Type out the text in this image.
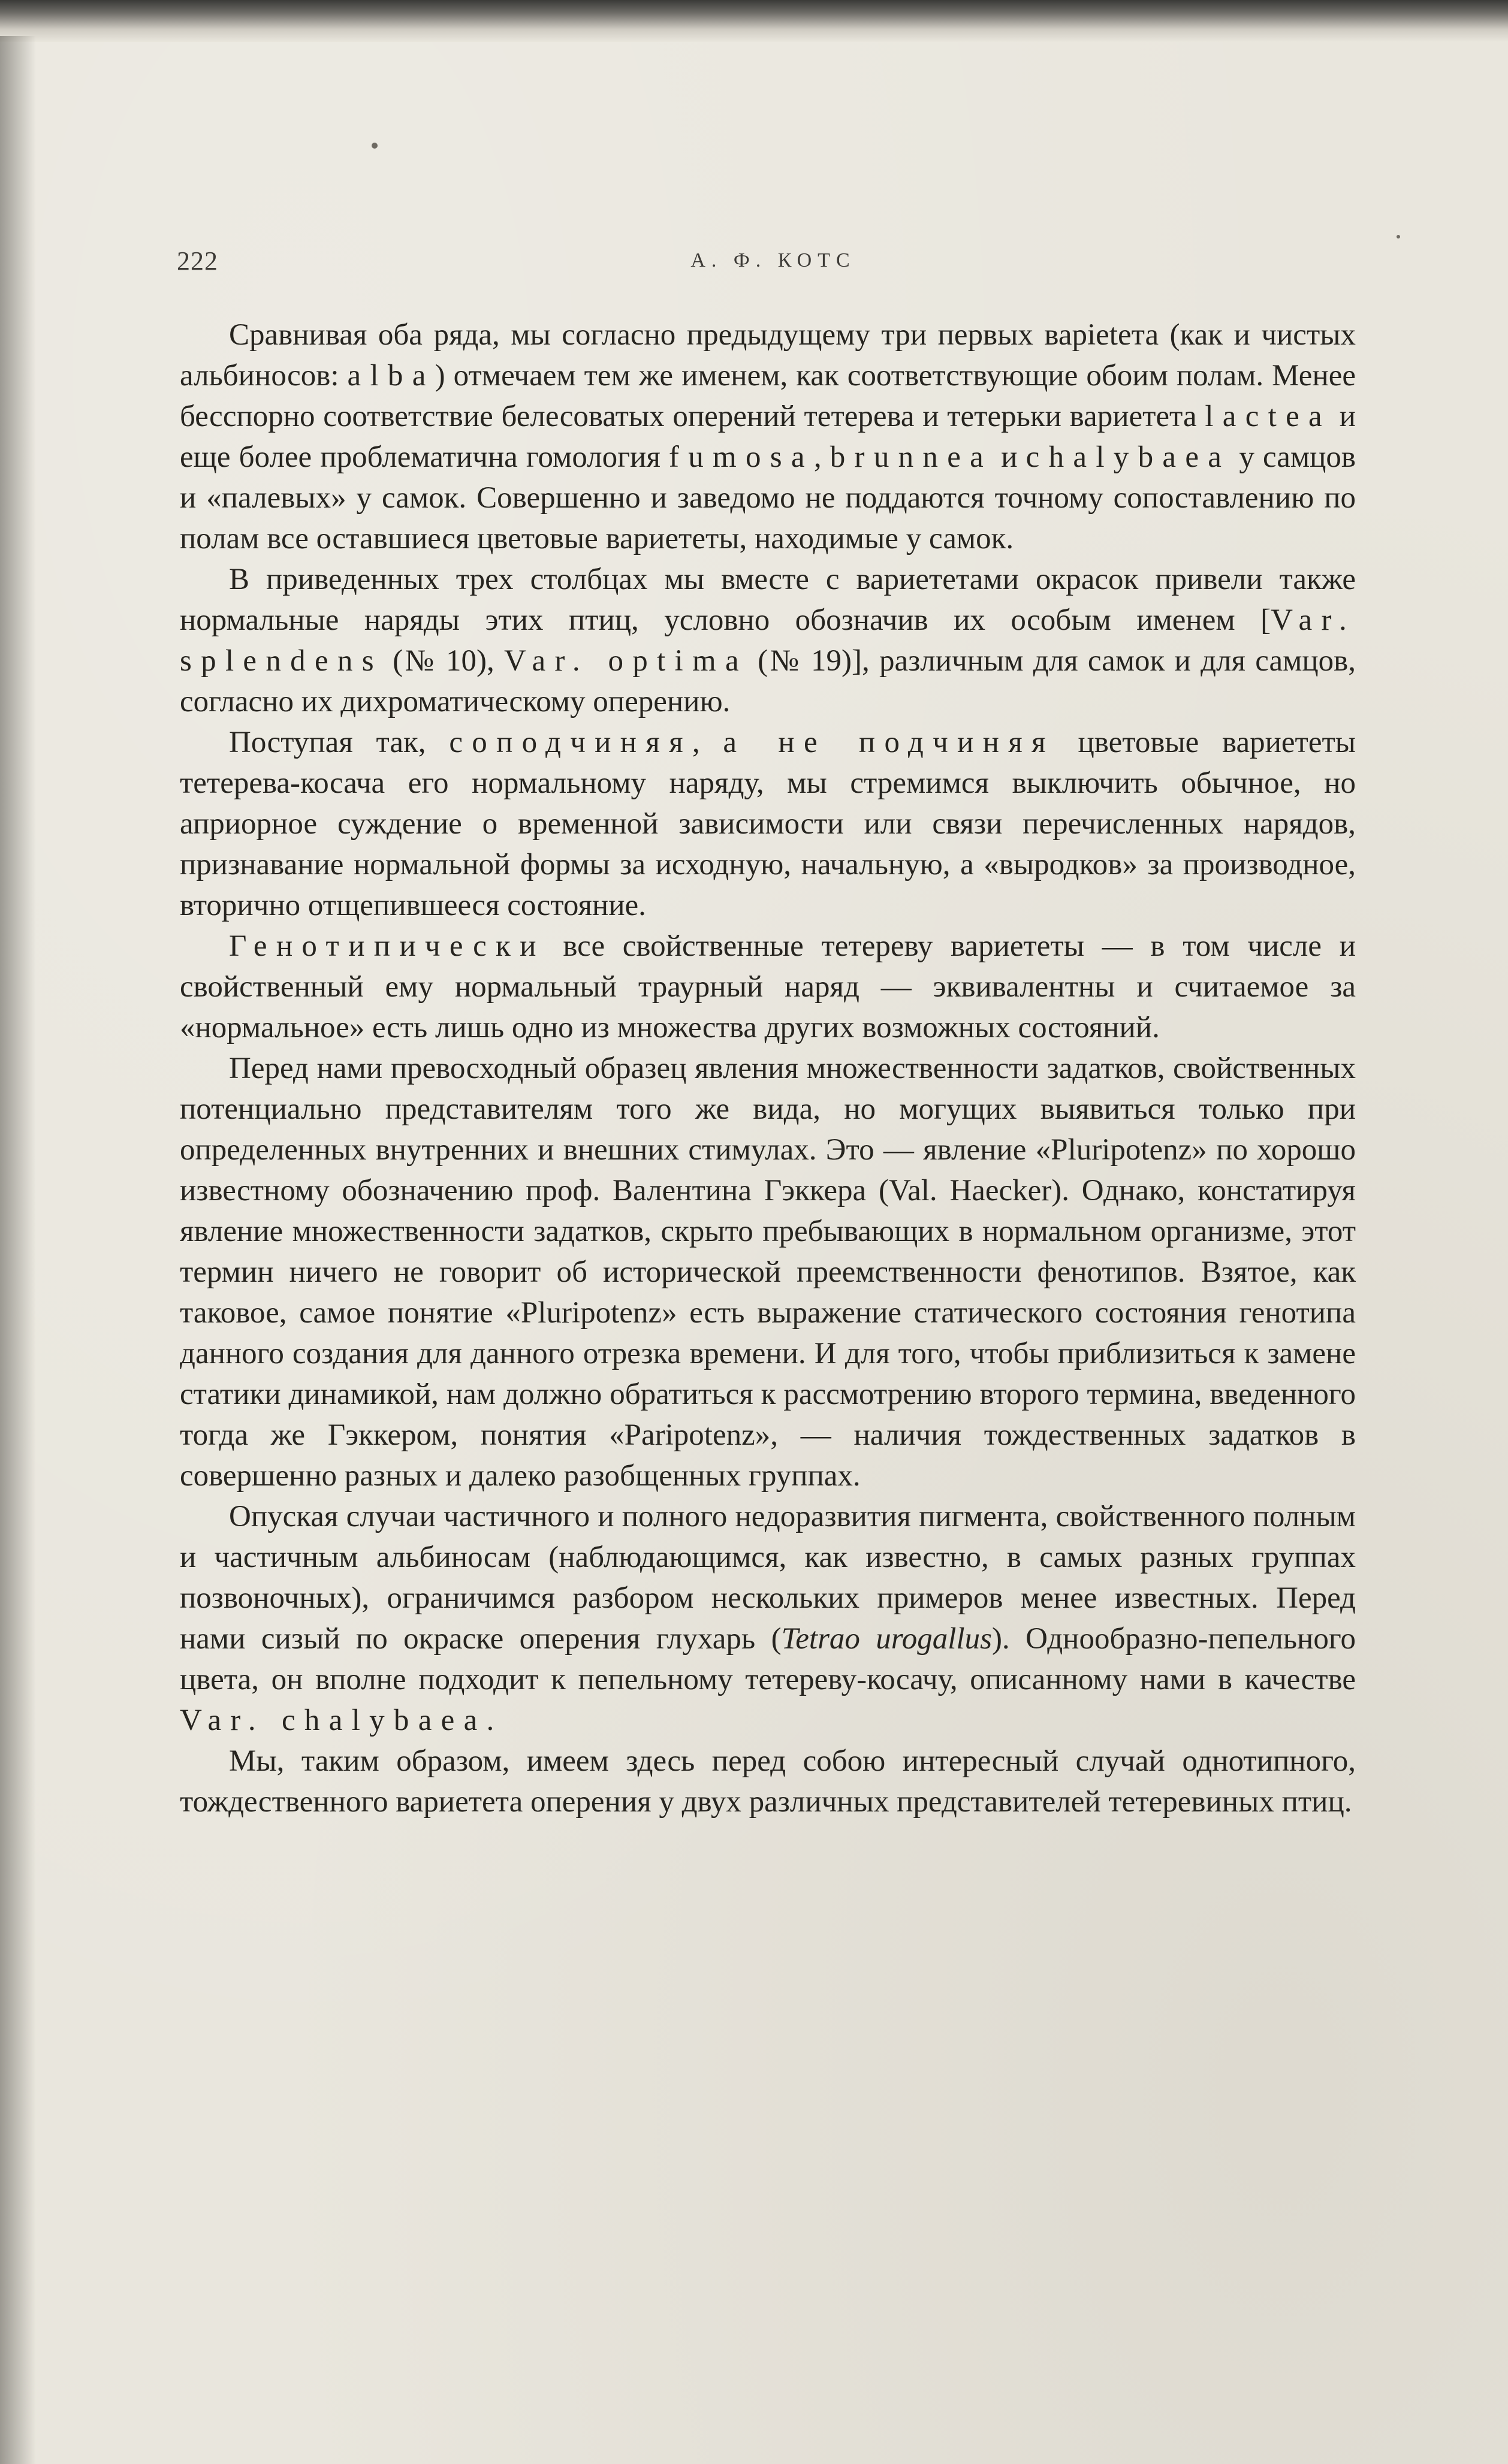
222	А. Ф. КОТС

Сравнивая оба ряда, мы согласно предыдущему три первых варietета (как и чистых альбиносов: alba) отмечаем тем же именем, как соответствующие обоим полам. Менее бесспорно соответствие белесоватых оперений тетерева и тетерьки вариетета lactea и еще более проблематична гомология fumosa, brunnea и chalybaea у самцов и «палевых» у самок. Совершенно и заведомо не поддаются точному сопоставлению по полам все оставшиеся цветовые вариететы, находимые у самок.

В приведенных трех столбцах мы вместе с вариететами окрасок привели также нормальные наряды этих птиц, условно обозначив их особым именем [Var. splendens (№ 10), Var. optima (№ 19)], различным для самок и для самцов, согласно их дихроматическому оперению.

Поступая так, соподчиняя, а не подчиняя цветовые вариететы тетерева-косача его нормальному наряду, мы стремимся выключить обычное, но априорное суждение о временной зависимости или связи перечисленных нарядов, признавание нормальной формы за исходную, начальную, а «выродков» за производное, вторично отщепившееся состояние.

Генотипически все свойственные тетереву вариететы — в том числе и свойственный ему нормальный траурный наряд — эквивалентны и считаемое за «нормальное» есть лишь одно из множества других возможных состояний.

Перед нами превосходный образец явления множественности задатков, свойственных потенциально представителям того же вида, но могущих выявиться только при определенных внутренних и внешних стимулах. Это — явление «Pluripotenz» по хорошо известному обозначению проф. Валентина Гэккера (Val. Haecker). Однако, констатируя явление множественности задатков, скрыто пребывающих в нормальном организме, этот термин ничего не говорит об исторической преемственности фенотипов. Взятое, как таковое, самое понятие «Pluripotenz» есть выражение статического состояния генотипа данного создания для данного отрезка времени. И для того, чтобы приблизиться к замене статики динамикой, нам должно обратиться к рассмотрению второго термина, введенного тогда же Гэккером, понятия «Paripotenz», — наличия тождественных задатков в совершенно разных и далеко разобщенных группах.

Опуская случаи частичного и полного недоразвития пигмента, свойственного полным и частичным альбиносам (наблюдающимся, как известно, в самых разных группах позвоночных), ограничимся разбором нескольких примеров менее известных. Перед нами сизый по окраске оперения глухарь (Tetrao urogallus). Однообразно-пепельного цвета, он вполне подходит к пепельному тетереву-косачу, описанному нами в качестве Var. chalybaea.

Мы, таким образом, имеем здесь перед собою интересный случай однотипного, тождественного вариетета оперения у двух различных представителей тетеревиных птиц.
